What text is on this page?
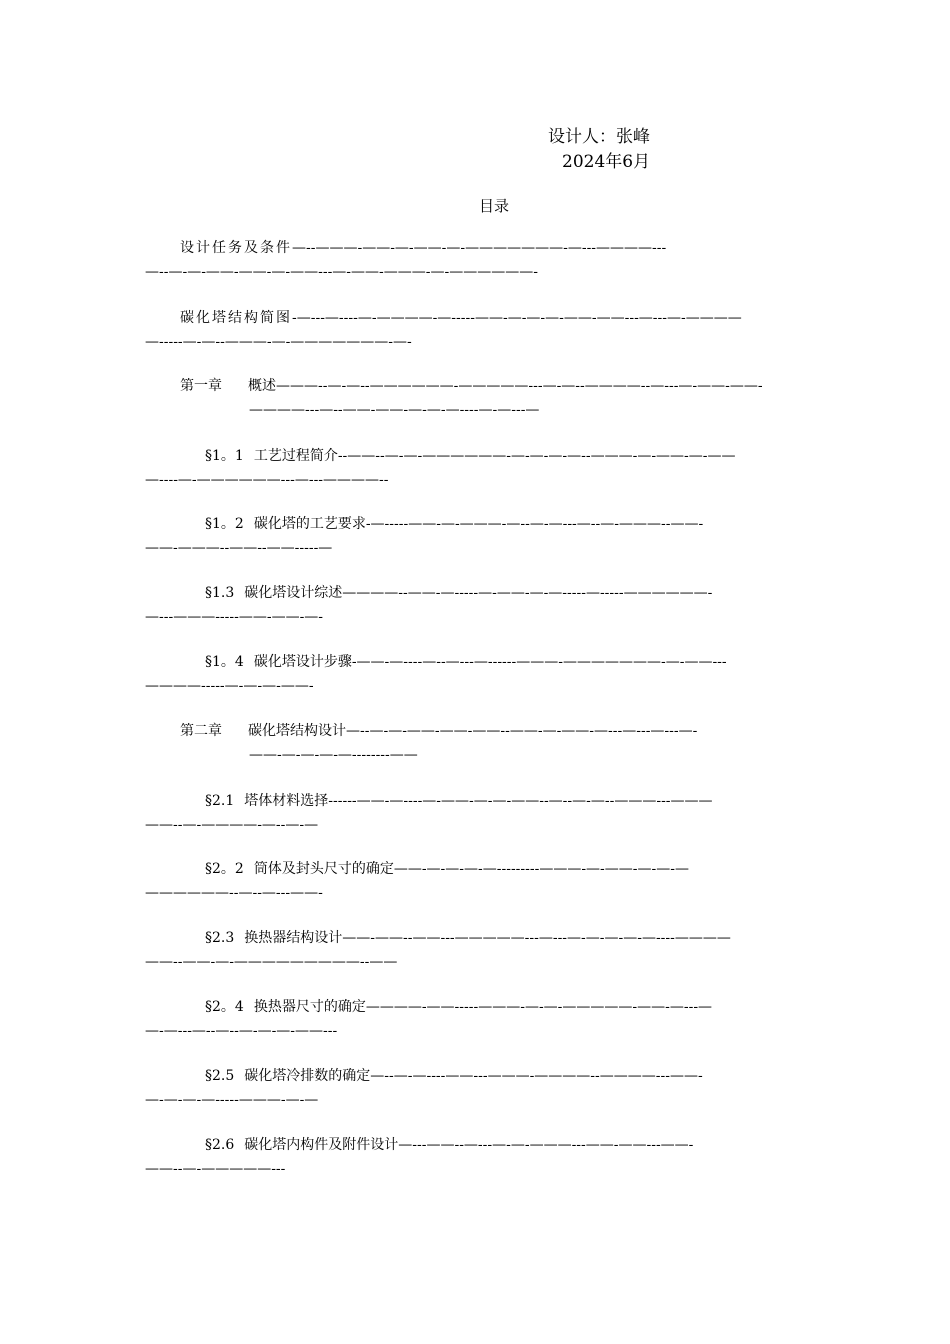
设计人：张峰
2024年6月
目录
设计任务及条件—--———-——-—-——-—-———————-—---————---
—--—-—-——-——-—-——---—-——-———-—-——————-
碳化塔结构简图-—---—----—-————-—-----——-—-—-—-——-——---—---—-————
—-----—-—--———-—-———————-—-
第一章 概述———--—-—--——————-—————---—-—--————--—---—-——-——-
————---—--——-——-—-—-—----—-—---—
§1。1 工艺过程简介--——--—-—-——————-—-—-—-—--———-—-——-—-——
—----—-——————---—---————--
§1。2 碳化塔的工艺要求-—-----——-—-———-—--—-—---—--—-———--——-
——-———--——--——-----—
§1.3 碳化塔设计综述————--——-—-----—-——-—-—-----—-----——————-
—---———-----——-——-—-
§1。4 碳化塔设计步骤-——-—----—--—---—------———-———————-—-——---
————-----—-—-—-——-
第二章 碳化塔结构设计—--—-—-——-——-——--——-—-——-—---—---—---—-
——-—-—-—-—--------——
§2.1 塔体材料选择------——-—----—-——-—-—-——--—--—-—--———---———
——--—-————-—--—-—
§2。2 筒体及封头尺寸的确定——-—-—-—-—---------———-—-——-—-—-—
——————--—--—---——-
§2.3 换热器结构设计——-——--——---—————---—---—-—-—-—-—----————
——--——-—-—————————--——
§2。4 换热器尺寸的确定————-——-----———-—-—-—————-——-—---—
—-—---—--—--—-—-—-——---
§2.5 碳化塔冷排数的确定—--—-—----——---———-————--————---——-
—-—-—-—-----———-—-—
§2.6 碳化塔内构件及附件设计—---——--—---—-—-———---——-——---——-
——--—-—————---
